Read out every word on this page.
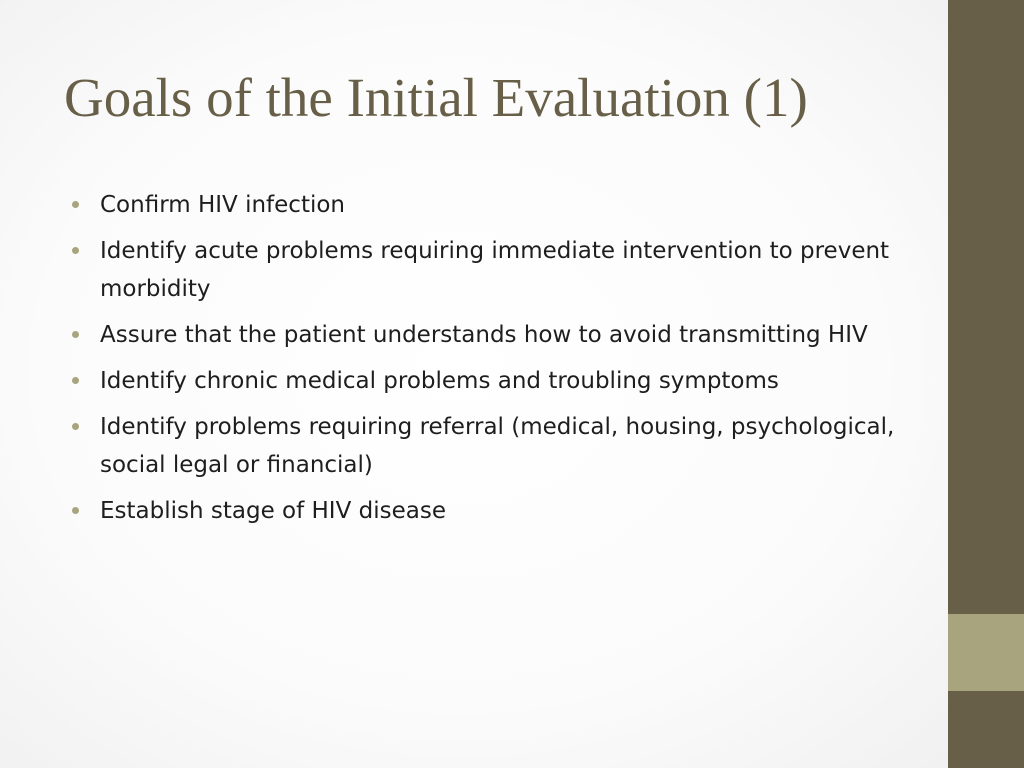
Goals of the Initial Evaluation (1)
Confirm HIV infection
Identify acute problems requiring immediate intervention to prevent morbidity
Assure that the patient understands how to avoid transmitting HIV
Identify chronic medical problems and troubling symptoms
Identify problems requiring referral (medical, housing, psychological, social legal or financial)
Establish stage of HIV disease
